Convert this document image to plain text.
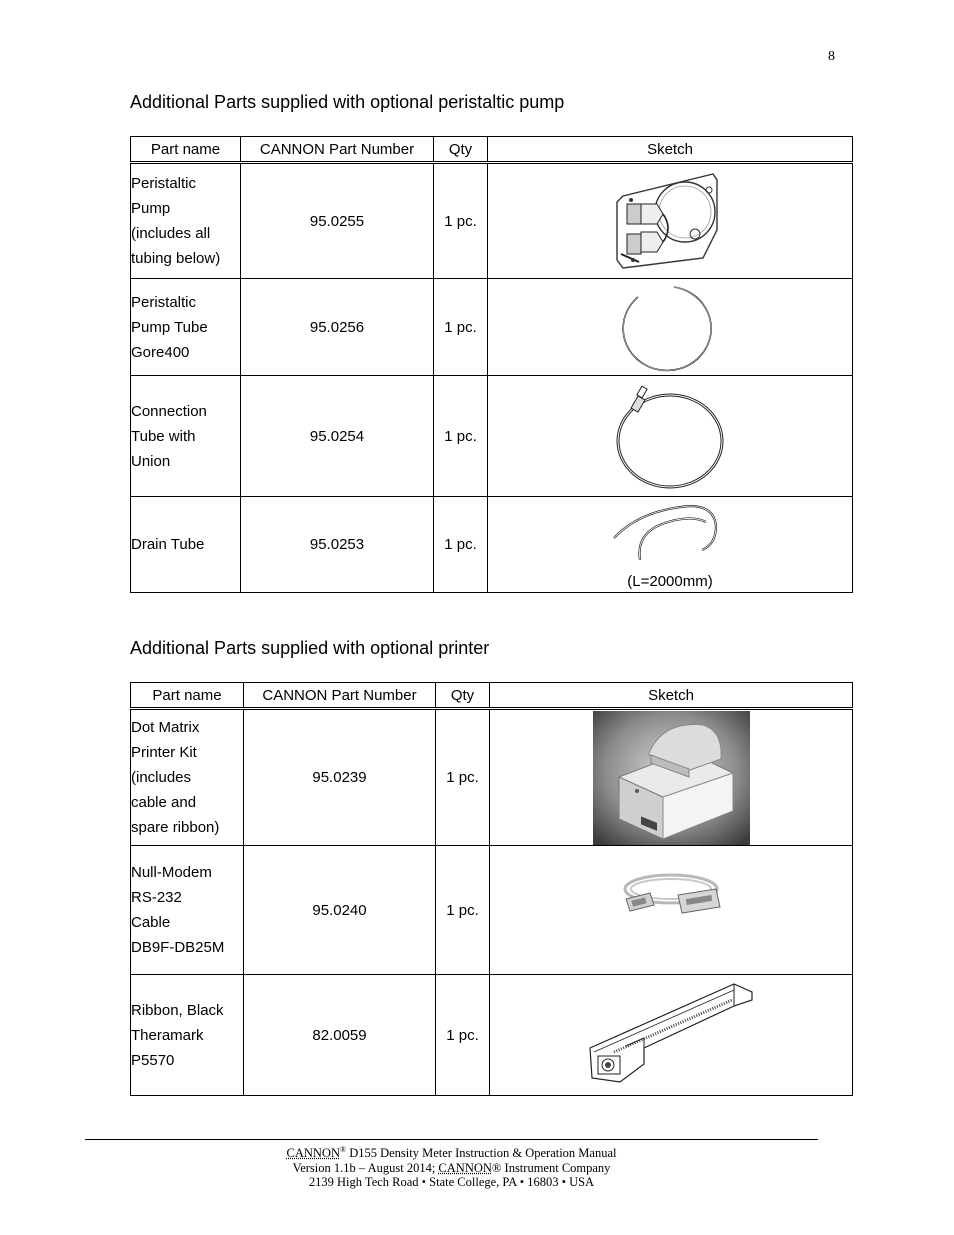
8
Additional Parts supplied with optional peristaltic pump
Part name	CANNON Part Number	Qty	Sketch

Peristaltic
Pump
(includes all
tubing below)	95.0255	1 pc.	

Peristaltic
Pump Tube
Gore400	95.0256	1 pc.	

Connection
Tube with
Union	95.0254	1 pc.	

Drain Tube	95.0253	1 pc.	(L=2000mm)
Additional Parts supplied with optional printer
Part name	CANNON Part Number	Qty	Sketch

Dot Matrix
Printer Kit
(includes
cable and
spare ribbon)	95.0239	1 pc.	

Null-Modem
RS-232
Cable
DB9F-DB25M	95.0240	1 pc.	

Ribbon, Black
Theramark
P5570	82.0059	1 pc.	
CANNON® D155 Density Meter Instruction & Operation Manual
Version 1.1b – August 2014; CANNON® Instrument Company
2139 High Tech Road • State College, PA • 16803 • USA
